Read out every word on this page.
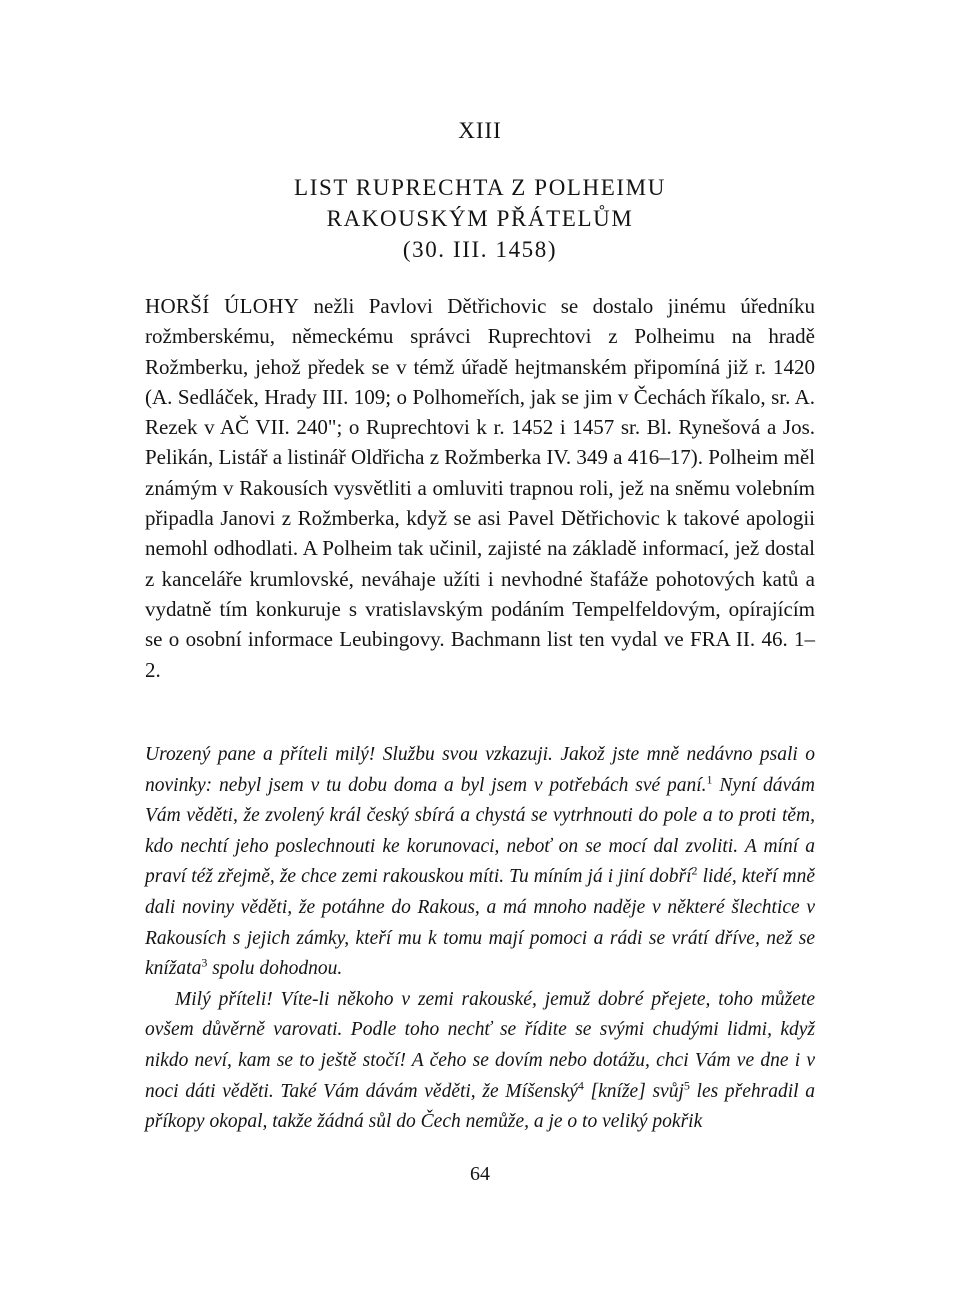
XIII
LIST RUPRECHTA Z POLHEIMU
RAKOUSKÝM PŘÁTELŮM
(30. III. 1458)

HORŠÍ ÚLOHY nežli Pavlovi Dětřichovic se dostalo jinému úředníku rožmberskému, německému správci Ruprechtovi z Polheimu na hradě Rožmberku, jehož předek se v témž úřadě hejtmanském připomíná již r. 1420 (A. Sedláček, Hrady III. 109; o Polhomeřích, jak se jim v Čechách říkalo, sr. A. Rezek v AČ VII. 240"; o Ruprechtovi k r. 1452 i 1457 sr. Bl. Rynešová a Jos. Pelikán, Listář a listinář Oldřicha z Rožmberka IV. 349 a 416–17). Polheim měl známým v Rakousích vysvětliti a omluviti trapnou roli, jež na sněmu volebním připadla Janovi z Rožmberka, když se asi Pavel Dětřichovic k takové apologii nemohl odhodlati. A Polheim tak učinil, zajisté na základě informací, jež dostal z kanceláře krumlovské, neváhaje užíti i nevhodné štafáže pohotových katů a vydatně tím konkuruje s vratislavským podáním Tempelfeldovým, opírajícím se o osobní informace Leubingovy. Bachmann list ten vydal ve FRA II. 46. 1–2.

Urozený pane a příteli milý! Službu svou vzkazuji. Jakož jste mně nedávno psali o novinky: nebyl jsem v tu dobu doma a byl jsem v potřebách své paní.$^1$ Nyní dávám Vám věděti, že zvolený král český sbírá a chystá se vytrhnouti do pole a to proti těm, kdo nechtí jeho poslechnouti ke korunovaci, neboť on se mocí dal zvoliti. A míní a praví též zřejmě, že chce zemi rakouskou míti. Tu míním já i jiní dobří$^2$ lidé, kteří mně dali noviny věděti, že potáhne do Rakous, a má mnoho naděje v některé šlechtice v Rakousích s jejich zámky, kteří mu k tomu mají pomoci a rádi se vrátí dříve, než se knížata$^3$ spolu dohodnou.

Milý příteli! Víte-li někoho v zemi rakouské, jemuž dobré přejete, toho můžete ovšem důvěrně varovati. Podle toho nechť se řídite se svými chudými lidmi, když nikdo neví, kam se to ještě stočí! A čeho se dovím nebo dotážu, chci Vám ve dne i v noci dáti věděti. Také Vám dávám věděti, že Míšenský$^4$ [kníže] svůj$^5$ les přehradil a příkopy okopal, takže žádná sůl do Čech nemůže, a je o to veliký pokřik

64
